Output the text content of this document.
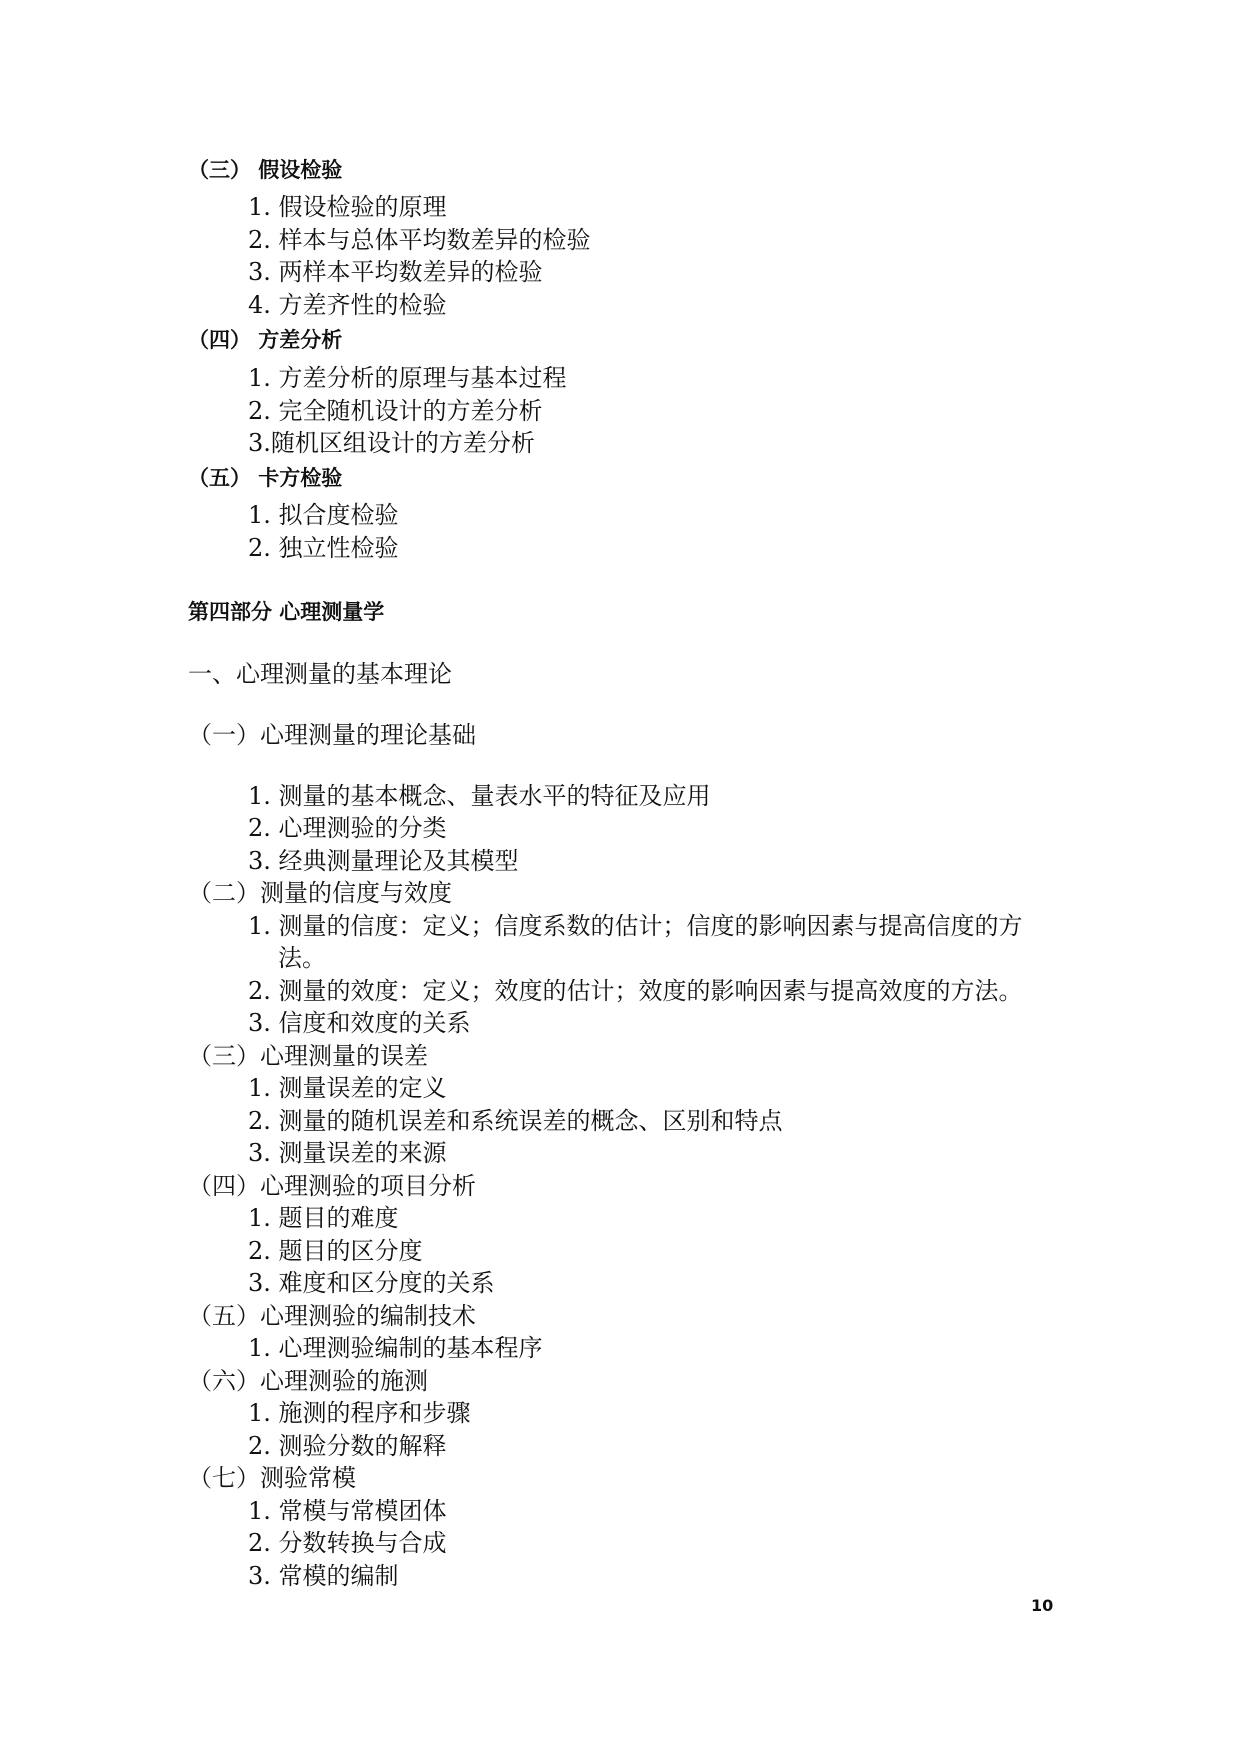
（三） 假设检验
1. 假设检验的原理
2. 样本与总体平均数差异的检验
3. 两样本平均数差异的检验
4. 方差齐性的检验
（四） 方差分析
1. 方差分析的原理与基本过程
2. 完全随机设计的方差分析
3.随机区组设计的方差分析
（五） 卡方检验
1. 拟合度检验
2. 独立性检验
第四部分 心理测量学
一、心理测量的基本理论
（一）心理测量的理论基础
1. 测量的基本概念、量表水平的特征及应用
2. 心理测验的分类
3. 经典测量理论及其模型
（二）测量的信度与效度
1. 测量的信度：定义；信度系数的估计；信度的影响因素与提高信度的方
法。
2. 测量的效度：定义；效度的估计；效度的影响因素与提高效度的方法。
3. 信度和效度的关系
（三）心理测量的误差
1. 测量误差的定义
2. 测量的随机误差和系统误差的概念、区别和特点
3. 测量误差的来源
（四）心理测验的项目分析
1. 题目的难度
2. 题目的区分度
3. 难度和区分度的关系
（五）心理测验的编制技术
1. 心理测验编制的基本程序
（六）心理测验的施测
1. 施测的程序和步骤
2. 测验分数的解释
（七）测验常模
1. 常模与常模团体
2. 分数转换与合成
3. 常模的编制
10
